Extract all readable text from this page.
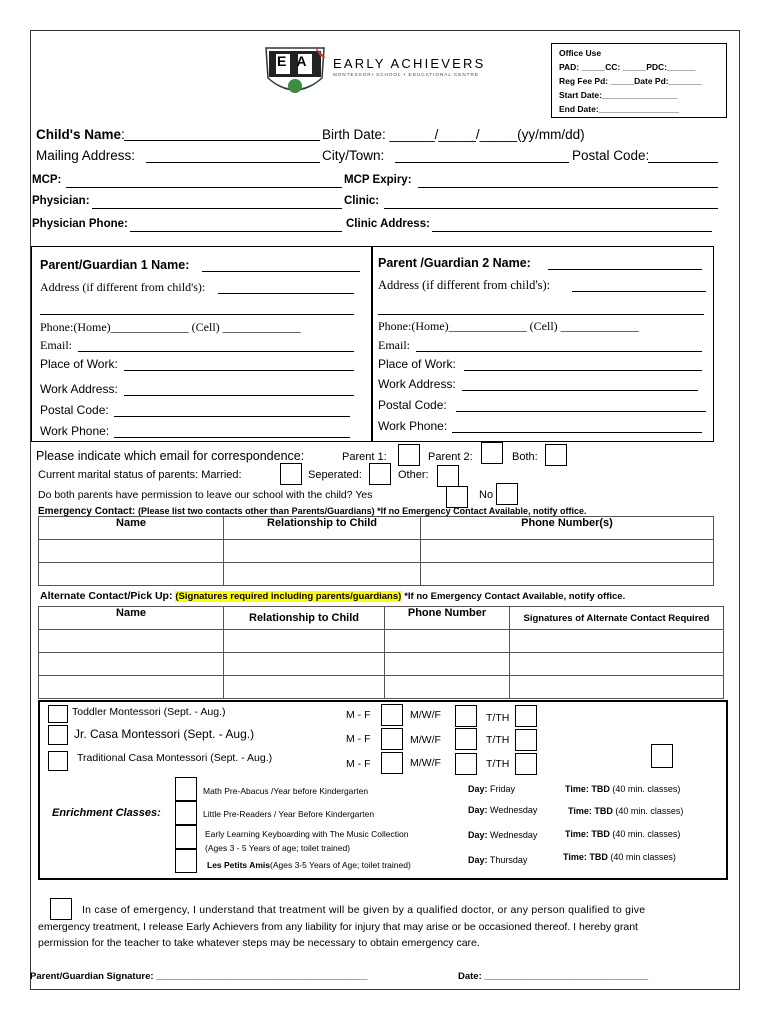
EA EARLY ACHIEVERS
MONTESSORI SCHOOL • EDUCATIONAL CENTRE
Office Use
PAD: _____CC: _____PDC:______
Reg Fee Pd: _____Date Pd:_______
Start Date:________________
End Date:_________________
Child's Name:	Birth Date: ______/_____/_____(yy/mm/dd)
Mailing Address:	City/Town:	Postal Code:
MCP:	MCP Expiry:
Physician:	Clinic:
Physician Phone:	Clinic Address:
Parent/Guardian 1 Name:
Address (if different from child's):
Phone:(Home)_____________ (Cell) _____________
Email:
Place of Work:
Work Address:
Postal Code:
Work Phone:
Parent /Guardian 2 Name:
Address (if different from child's):
Phone:(Home)_____________ (Cell) _____________
Email:
Place of Work:
Work Address:
Postal Code:
Work Phone:
Please indicate which email for correspondence:	Parent 1:	Parent 2:	Both:
Current marital status of parents: Married:	Seperated:	Other:
Do both parents have permission to leave our school with the child? Yes	No
Emergency Contact: (Please list two contacts other than Parents/Guardians) *If no Emergency Contact Available, notify office.
Name	Relationship to Child	Phone Number(s)

Alternate Contact/Pick Up: (Signatures required including parents/guardians) *If no Emergency Contact Available, notify office.
Name	Relationship to Child	Phone Number	Signatures of Alternate Contact Required

Toddler Montessori (Sept. - Aug.)	M - F	M/W/F	T/TH
Jr. Casa Montessori (Sept. - Aug.)	M - F	M/W/F	T/TH
Traditional Casa Montessori (Sept. - Aug.)	M - F	M/W/F	T/TH
Enrichment Classes:
Math Pre-Abacus /Year before Kindergarten	Day: Friday	Time: TBD (40 min. classes)
Little Pre-Readers / Year Before Kindergarten	Day: Wednesday	Time: TBD (40 min. classes)
Early Learning Keyboarding with The Music Collection
(Ages 3 - 5 Years of age; toilet trained)
Day: Wednesday	Time: TBD (40 min. classes)
Les Petits Amis(Ages 3-5 Years of Age; toilet trained)	Day: Thursday	Time: TBD (40 min classes)
In case of emergency, I understand that treatment will be given by a qualified doctor, or any person qualified to give
emergency treatment, I release Early Achievers from any liability for injury that may arise or be occasioned thereof. I hereby grant
permission for the teacher to take whatever steps may be necessary to obtain emergency care.
Parent/Guardian Signature: ________________________________________	Date: _______________________________
